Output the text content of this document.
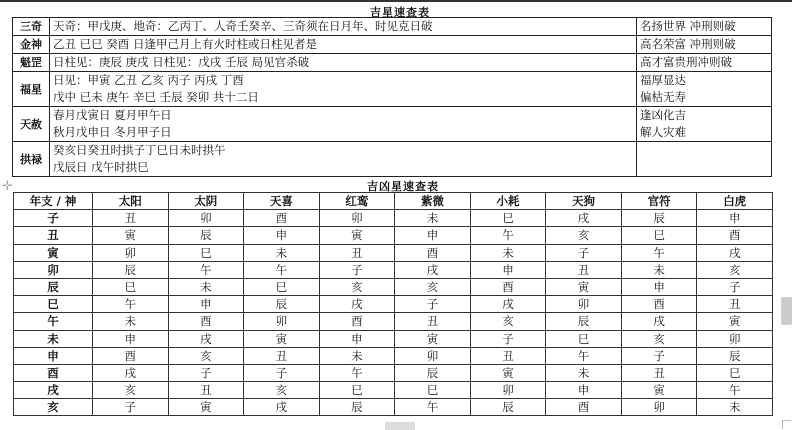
吉星速查表
三奇	天奇：甲戊庚、地奇：乙丙丁、人奇壬癸辛、三奇须在日月年、时见克日破	名扬世界 冲刑则破
金神	乙丑 已巳 癸酉 日逢甲己月上有火时柱或日柱见者是	高名荣富 冲刑则破
魁罡	日柱见：庚辰 庚戌 日柱见：戊戌 壬辰 局见官杀破	高才富贵刑冲则破
福星	日见：甲寅 乙丑 乙亥 丙子 丙戌 丁酉	福厚显达
	戊中 已未 庚午 辛巳 壬辰 癸卯 共十二日	偏枯无寿
天赦	春月戊寅日 夏月甲午日	逢凶化吉
	秋月戊申日 冬月甲子日	解人灾难
拱禄	癸亥日癸丑时拱子丁巳日未时拱午	
	戊辰日 戊午时拱巳	
✛	吉凶星速查表
年支 / 神	太阳	太阴	天喜	红鸾	紫微	小耗	天狗	官符	白虎
子	丑	卯	酉	卯	未	巳	戌	辰	申
丑	寅	辰	申	寅	申	午	亥	巳	酉
寅	卯	巳	未	丑	酉	未	子	午	戌
卯	辰	午	午	子	戌	申	丑	未	亥
辰	巳	未	巳	亥	亥	酉	寅	申	子
巳	午	申	辰	戌	子	戌	卯	酉	丑
午	未	酉	卯	酉	丑	亥	辰	戌	寅
未	申	戌	寅	申	寅	子	巳	亥	卯
申	酉	亥	丑	未	卯	丑	午	子	辰
酉	戌	子	子	午	辰	寅	未	丑	巳
戌	亥	丑	亥	巳	巳	卯	申	寅	午
亥	子	寅	戌	辰	午	辰	酉	卯	未
